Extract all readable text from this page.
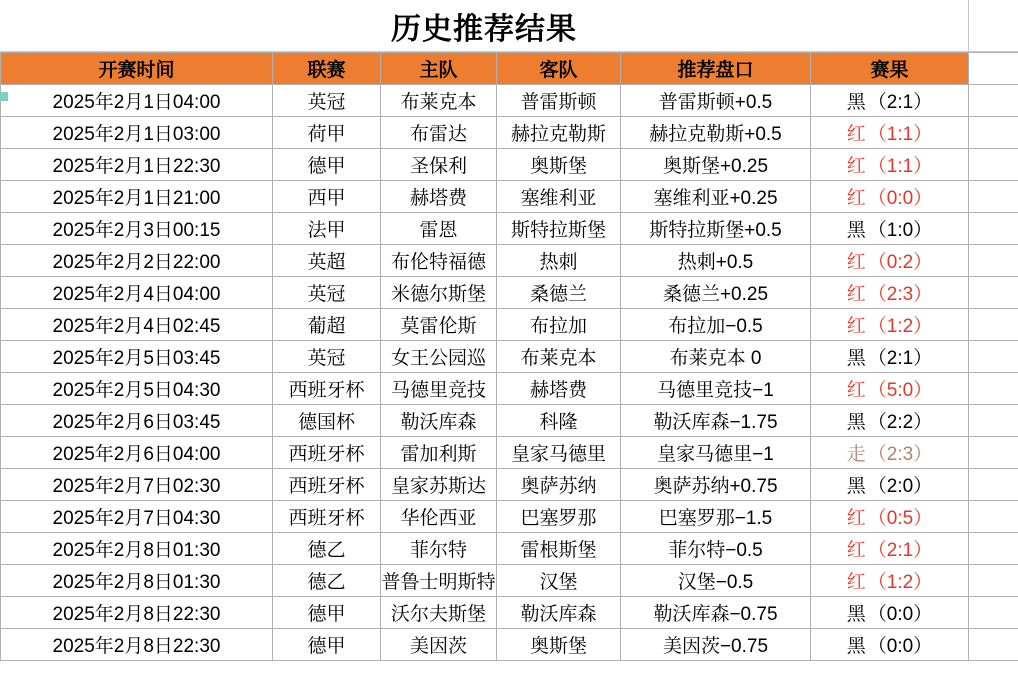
历史推荐结果
开赛时间	联赛	主队	客队	推荐盘口	赛果	
2025年2月1日04:00	英冠	布莱克本	普雷斯顿	普雷斯顿+0.5	黑 （2:1）	

2025年2月1日03:00	荷甲	布雷达	赫拉克勒斯	赫拉克勒斯+0.5	红 （1:1）	

2025年2月1日22:30	德甲	圣保利	奥斯堡	奥斯堡+0.25	红 （1:1）	

2025年2月1日21:00	西甲	赫塔费	塞维利亚	塞维利亚+0.25	红 （0:0）	

2025年2月3日00:15	法甲	雷恩	斯特拉斯堡	斯特拉斯堡+0.5	黑 （1:0）	

2025年2月2日22:00	英超	布伦特福德	热刺	热刺+0.5	红 （0:2）	

2025年2月4日04:00	英冠	米德尔斯堡	桑德兰	桑德兰+0.25	红 （2:3）	

2025年2月4日02:45	葡超	莫雷伦斯	布拉加	布拉加−0.5	红 （1:2）	

2025年2月5日03:45	英冠	女王公园巡	布莱克本	布莱克本 0	黑 （2:1）	

2025年2月5日04:30	西班牙杯	马德里竞技	赫塔费	马德里竞技−1	红 （5:0）	

2025年2月6日03:45	德国杯	勒沃库森	科隆	勒沃库森−1.75	黑 （2:2）	

2025年2月6日04:00	西班牙杯	雷加利斯	皇家马德里	皇家马德里−1	走 （2:3）	

2025年2月7日02:30	西班牙杯	皇家苏斯达	奥萨苏纳	奥萨苏纳+0.75	黑 （2:0）	

2025年2月7日04:30	西班牙杯	华伦西亚	巴塞罗那	巴塞罗那−1.5	红 （0:5）	

2025年2月8日01:30	德乙	菲尔特	雷根斯堡	菲尔特−0.5	红 （2:1）	

2025年2月8日01:30	德乙	普鲁士明斯特	汉堡	汉堡−0.5	红 （1:2）	

2025年2月8日22:30	德甲	沃尔夫斯堡	勒沃库森	勒沃库森−0.75	黑 （0:0）	

2025年2月8日22:30	德甲	美因茨	奥斯堡	美因茨−0.75	黑 （0:0）	
